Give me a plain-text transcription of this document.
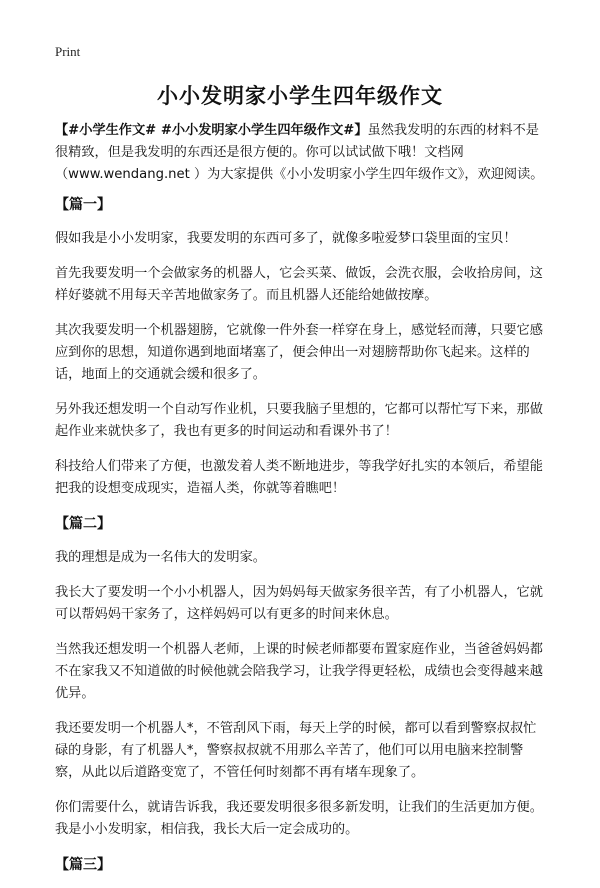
Print
小小发明家小学生四年级作文

【#小学生作文# #小小发明家小学生四年级作文#】虽然我发明的东西的材料不是很精致，但是我发明的东西还是很方便的。你可以试试做下哦！文档网（www.wendang.net ）为大家提供《小小发明家小学生四年级作文》，欢迎阅读。

【篇一】

假如我是小小发明家，我要发明的东西可多了，就像多啦爱梦口袋里面的宝贝！

首先我要发明一个会做家务的机器人，它会买菜、做饭，会洗衣服，会收拾房间，这样好婆就不用每天辛苦地做家务了。而且机器人还能给她做按摩。

其次我要发明一个机器翅膀，它就像一件外套一样穿在身上，感觉轻而薄，只要它感应到你的思想，知道你遇到地面堵塞了，便会伸出一对翅膀帮助你飞起来。这样的话，地面上的交通就会缓和很多了。

另外我还想发明一个自动写作业机，只要我脑子里想的，它都可以帮忙写下来，那做起作业来就快多了，我也有更多的时间运动和看课外书了！

科技给人们带来了方便，也激发着人类不断地进步，等我学好扎实的本领后，希望能把我的设想变成现实，造福人类，你就等着瞧吧！

【篇二】

我的理想是成为一名伟大的发明家。

我长大了要发明一个小小机器人，因为妈妈每天做家务很辛苦，有了小机器人，它就可以帮妈妈干家务了，这样妈妈可以有更多的时间来休息。

当然我还想发明一个机器人老师，上课的时候老师都要布置家庭作业，当爸爸妈妈都不在家我又不知道做的时候他就会陪我学习，让我学得更轻松，成绩也会变得越来越优异。

我还要发明一个机器人*，不管刮风下雨，每天上学的时候，都可以看到警察叔叔忙碌的身影，有了机器人*，警察叔叔就不用那么辛苦了，他们可以用电脑来控制警察，从此以后道路变宽了，不管任何时刻都不再有堵车现象了。

你们需要什么，就请告诉我，我还要发明很多很多新发明，让我们的生活更加方便。我是小小发明家，相信我，我长大后一定会成功的。

【篇三】
